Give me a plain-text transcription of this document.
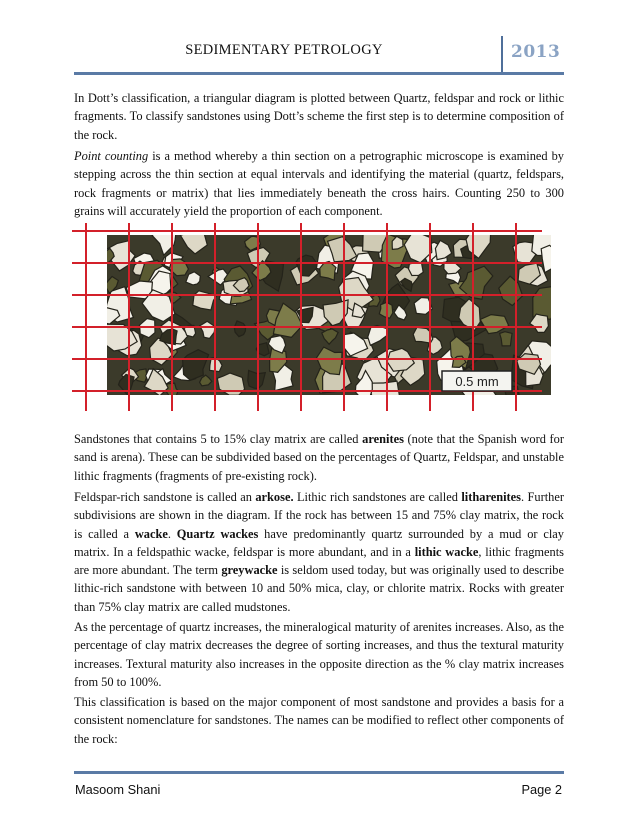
SEDIMENTARY PETROLOGY	2013

In Dott’s classification, a triangular diagram is plotted between Quartz, feldspar and rock or lithic fragments. To classify sandstones using Dott’s scheme the first step is to determine composition of the rock.

Point counting is a method whereby a thin section on a petrographic microscope is examined by stepping across the thin section at equal intervals and identifying the material (quartz, feldspars, rock fragments or matrix) that lies immediately beneath the cross hairs. Counting 250 to 300 grains will accurately yield the proportion of each component.

0.5 mm

Sandstones that contains 5 to 15% clay matrix are called arenites (note that the Spanish word for sand is arena). These can be subdivided based on the percentages of Quartz, Feldspar, and unstable lithic fragments (fragments of pre-existing rock).

Feldspar-rich sandstone is called an arkose. Lithic rich sandstones are called litharenites. Further subdivisions are shown in the diagram. If the rock has between 15 and 75% clay matrix, the rock is called a wacke. Quartz wackes have predominantly quartz surrounded by a mud or clay matrix. In a feldspathic wacke, feldspar is more abundant, and in a lithic wacke, lithic fragments are more abundant. The term greywacke is seldom used today, but was originally used to describe lithic-rich sandstone with between 10 and 50% mica, clay, or chlorite matrix. Rocks with greater than 75% clay matrix are called mudstones.

As the percentage of quartz increases, the mineralogical maturity of arenites increases. Also, as the percentage of clay matrix decreases the degree of sorting increases, and thus the textural maturity increases. Textural maturity also increases in the opposite direction as the % clay matrix increases from 50 to 100%.

This classification is based on the major component of most sandstone and provides a basis for a consistent nomenclature for sandstones. The names can be modified to reflect other components of the rock:

Masoom Shani	Page 2
